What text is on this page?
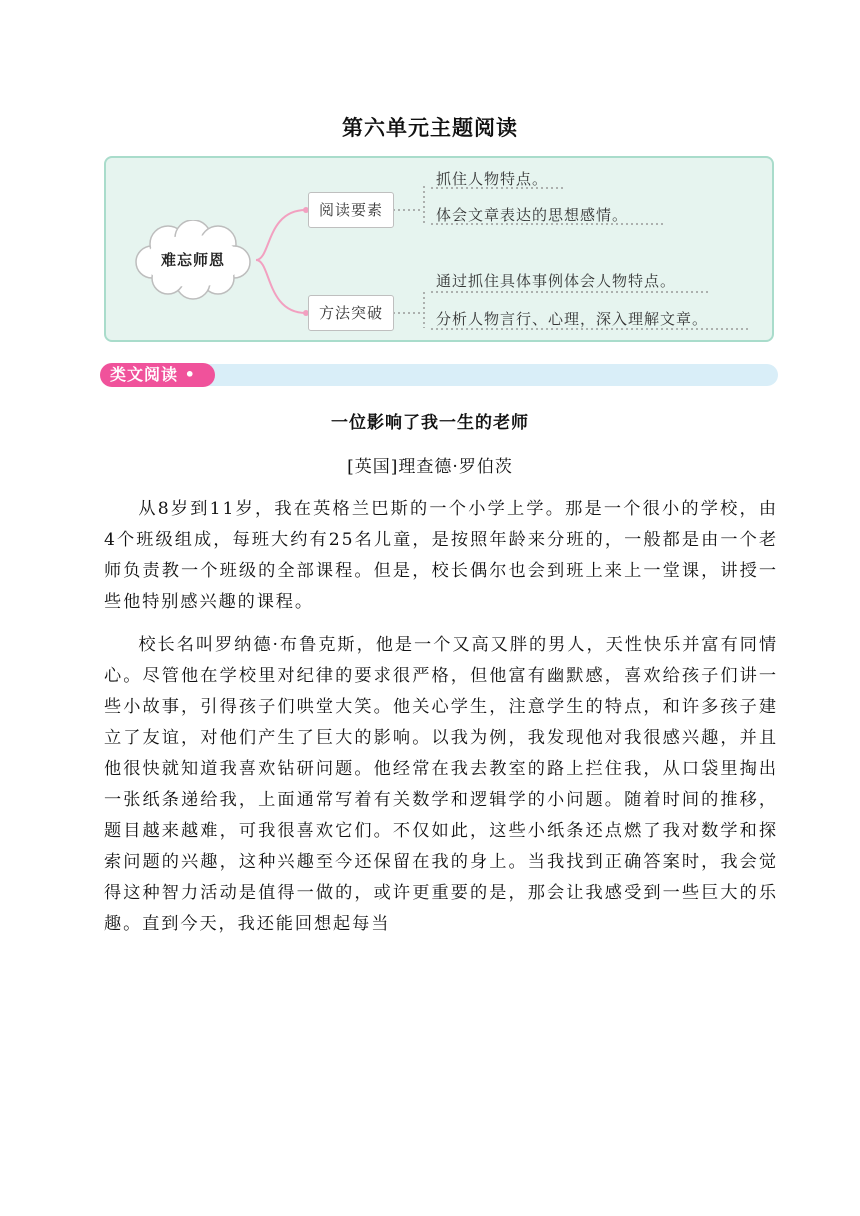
第六单元主题阅读
难忘师恩
阅读要素
抓住人物特点。
体会文章表达的思想感情。
方法突破
通过抓住具体事例体会人物特点。
分析人物言行、心理，深入理解文章。
类文阅读 •
一位影响了我一生的老师
[英国]理查德·罗伯茨

从8岁到11岁，我在英格兰巴斯的一个小学上学。那是一个很小的学校，由4个班级组成，每班大约有25名儿童，是按照年龄来分班的，一般都是由一个老师负责教一个班级的全部课程。但是，校长偶尔也会到班上来上一堂课，讲授一些他特别感兴趣的课程。

校长名叫罗纳德·布鲁克斯，他是一个又高又胖的男人，天性快乐并富有同情心。尽管他在学校里对纪律的要求很严格，但他富有幽默感，喜欢给孩子们讲一些小故事，引得孩子们哄堂大笑。他关心学生，注意学生的特点，和许多孩子建立了友谊，对他们产生了巨大的影响。以我为例，我发现他对我很感兴趣，并且他很快就知道我喜欢钻研问题。他经常在我去教室的路上拦住我，从口袋里掏出一张纸条递给我，上面通常写着有关数学和逻辑学的小问题。随着时间的推移，题目越来越难，可我很喜欢它们。不仅如此，这些小纸条还点燃了我对数学和探索问题的兴趣，这种兴趣至今还保留在我的身上。当我找到正确答案时，我会觉得这种智力活动是值得一做的，或许更重要的是，那会让我感受到一些巨大的乐趣。直到今天，我还能回想起每当
